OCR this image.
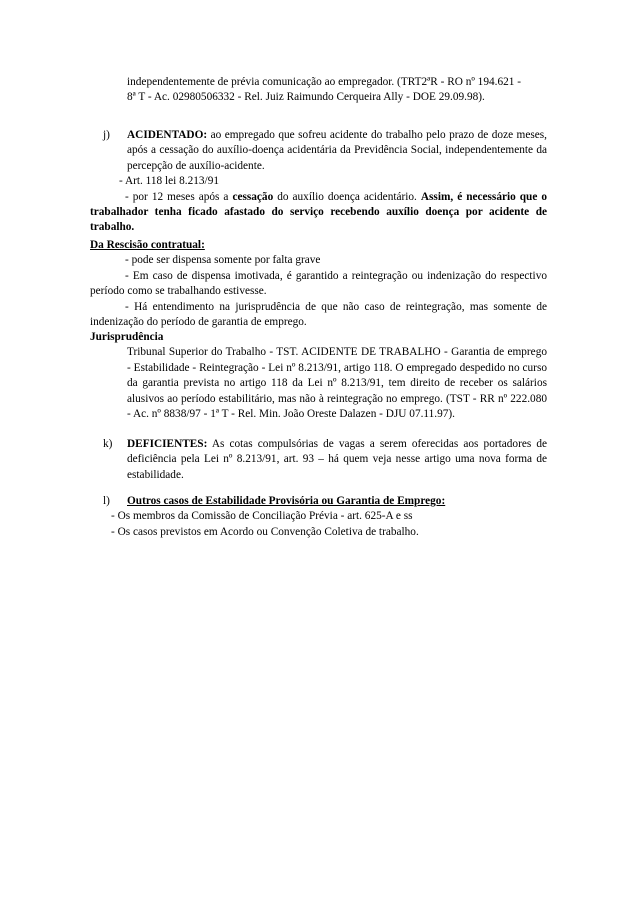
independentemente de prévia comunicação ao empregador. (TRT2ªR - RO nº 194.621 -

8ª T - Ac. 02980506332 - Rel. Juiz Raimundo Cerqueira Ally - DOE 29.09.98).

j)	ACIDENTADO: ao empregado que sofreu acidente do trabalho pelo prazo de doze meses, após a cessação do auxílio-doença acidentária da Previdência Social, independentemente da percepção de auxílio-acidente.

- Art. 118 lei 8.213/91

- por 12 meses após a cessação do auxílio doença acidentário. Assim, é necessário que o trabalhador tenha ficado afastado do serviço recebendo auxílio doença por acidente de trabalho.

Da Rescisão contratual:

- pode ser dispensa somente por falta grave

- Em caso de dispensa imotivada, é garantido a reintegração ou indenização do respectivo período como se trabalhando estivesse.

- Há entendimento na jurisprudência de que não caso de reintegração, mas somente de indenização do período de garantia de emprego.

Jurisprudência

Tribunal Superior do Trabalho - TST. ACIDENTE DE TRABALHO - Garantia de emprego - Estabilidade - Reintegração - Lei nº 8.213/91, artigo 118. O empregado despedido no curso da garantia prevista no artigo 118 da Lei nº 8.213/91, tem direito de receber os salários alusivos ao período estabilitário, mas não à reintegração no emprego. (TST - RR nº 222.080 - Ac. nº 8838/97 - 1ª T - Rel. Min. João Oreste Dalazen - DJU 07.11.97).

k)	DEFICIENTES: As cotas compulsórias de vagas a serem oferecidas aos portadores de deficiência pela Lei nº 8.213/91, art. 93 – há quem veja nesse artigo uma nova forma de estabilidade.
l)	Outros casos de Estabilidade Provisória ou Garantia de Emprego:

- Os membros da Comissão de Conciliação Prévia - art. 625-A e ss

- Os casos previstos em Acordo ou Convenção Coletiva de trabalho.
